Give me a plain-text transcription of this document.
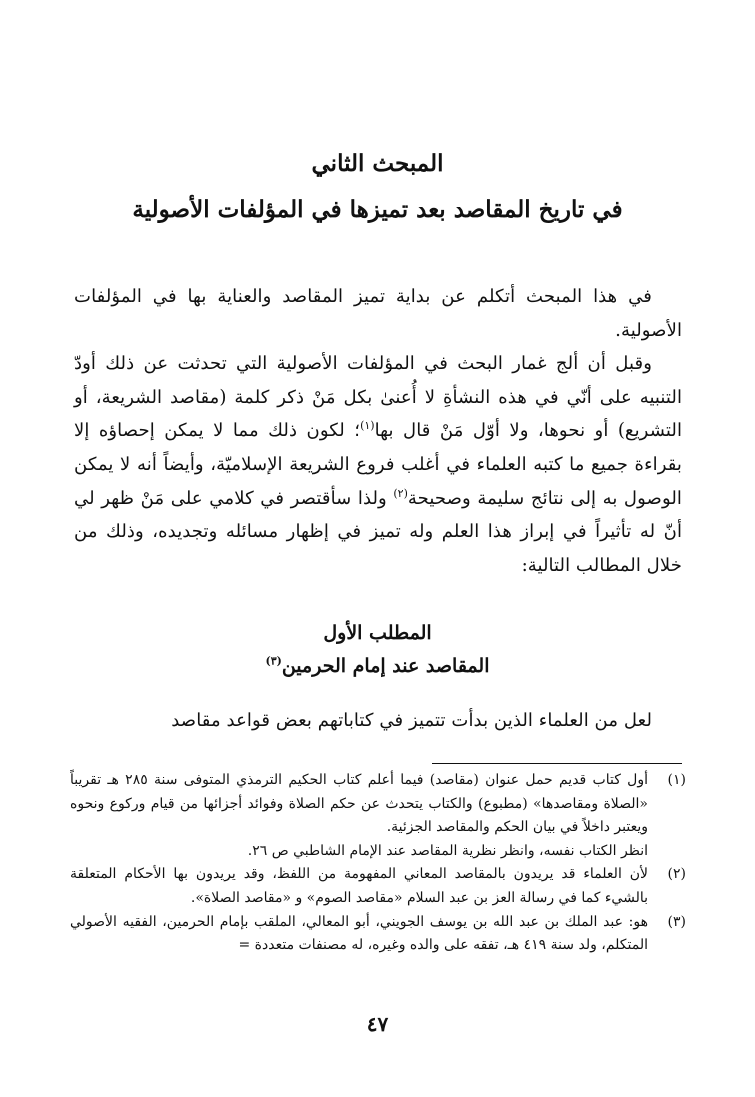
المبحث الثاني
في تاريخ المقاصد بعد تميزها في المؤلفات الأصولية

في هذا المبحث أتكلم عن بداية تميز المقاصد والعناية بها في المؤلفات الأصولية.

وقبل أن ألج غمار البحث في المؤلفات الأصولية التي تحدثت عن ذلك أودّ التنبيه على أنّي في هذه النشأةِ لا أُعنىٰ بكل مَنْ ذكر كلمة (مقاصد الشريعة، أو التشريع) أو نحوها، ولا أوّل مَنْ قال بها$^{(١)}$؛ لكون ذلك مما لا يمكن إحصاؤه إلا بقراءة جميع ما كتبه العلماء في أغلب فروع الشريعة الإسلاميّة، وأيضاً أنه لا يمكن الوصول به إلى نتائج سليمة وصحيحة$^{(٢)}$ ولذا سأقتصر في كلامي على مَنْ ظهر لي أنّ له تأثيراً في إبراز هذا العلم وله تميز في إظهار مسائله وتجديده، وذلك من خلال المطالب التالية:

المطلب الأول
المقاصد عند إمام الحرمين$^{(٣)}$

لعل من العلماء الذين بدأت تتميز في كتاباتهم بعض قواعد مقاصد

(١)
أول كتاب قديم حمل عنوان (مقاصد) فيما أعلم كتاب الحكيم الترمذي المتوفى سنة ٢٨٥ هـ تقريباً «الصلاة ومقاصدها» (مطبوع) والكتاب يتحدث عن حكم الصلاة وفوائد أجزائها من قيام وركوع ونحوه ويعتبر داخلاً في بيان الحكم والمقاصد الجزئية.
انظر الكتاب نفسه، وانظر نظرية المقاصد عند الإمام الشاطبي ص ٢٦.
(٢)
لأن العلماء قد يريدون بالمقاصد المعاني المفهومة من اللفظ، وقد يريدون بها الأحكام المتعلقة بالشيء كما في رسالة العز بن عبد السلام «مقاصد الصوم» و «مقاصد الصلاة».
(٣)
هو: عبد الملك بن عبد الله بن يوسف الجويني، أبو المعالي، الملقب بإمام الحرمين، الفقيه الأصولي المتكلم، ولد سنة ٤١٩ هـ، تفقه على والده وغيره، له مصنفات متعددة =
٤٧
